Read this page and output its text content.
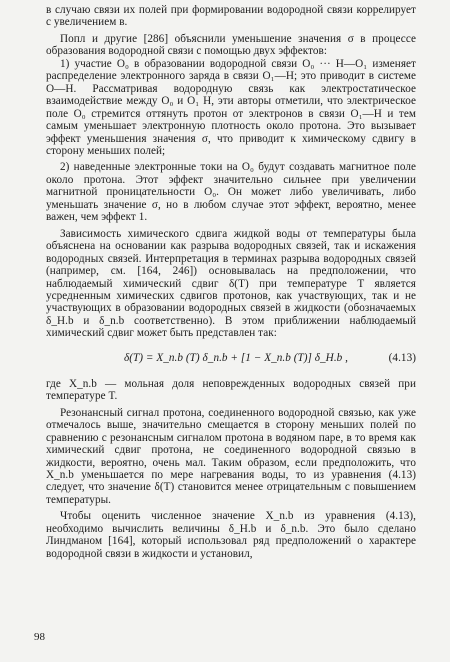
в случаю связи их полей при формировании водородной связи коррелирует с увеличением в.

Попл и другие [286] объяснили уменьшение значения σ в процессе образования водородной связи с помощью двух эффектов:

1) участие O₀ в образовании водородной связи O₀ ··· H—O₁ изменяет распределение электронного заряда в связи O₁—H; это приводит в системе O—H. Рассматривая водородную связь как электростатическое взаимодействие между O₀ и O₁ H, эти авторы отметили, что электрическое поле O₀ стремится оттянуть протон от электронов в связи O₁—H и тем самым уменьшает электронную плотность около протона. Это вызывает эффект уменьшения значения σ, что приводит к химическому сдвигу в сторону меньших полей;

2) наведенные электронные токи на O₀ будут создавать магнитное поле около протона. Этот эффект значительно сильнее при увеличении магнитной проницательности O₀. Он может либо увеличивать, либо уменьшать значение σ, но в любом случае этот эффект, вероятно, менее важен, чем эффект 1.

Зависимость химического сдвига жидкой воды от температуры была объяснена на основании как разрыва водородных связей, так и искажения водородных связей. Интерпретация в терминах разрыва водородных связей (например, см. [164, 246]) основывалась на предположении, что наблюдаемый химический сдвиг δ(T) при температуре T является усредненным химических сдвигов протонов, как участвующих, так и не участвующих в образовании водородных связей в жидкости (обозначаемых δ_H.b и δ_n.b соответственно). В этом приближении наблюдаемый химический сдвиг может быть представлен так:

δ(T) = X_n.b (T) δ_n.b + [1 − X_n.b (T)] δ_H.b ,	(4.13)

где X_n.b — мольная доля неповрежденных водородных связей при температуре T.

Резонансный сигнал протона, соединенного водородной связью, как уже отмечалось выше, значительно смещается в сторону меньших полей по сравнению с резонансным сигналом протона в водяном паре, в то время как химический сдвиг протона, не соединенного водородной связью в жидкости, вероятно, очень мал. Таким образом, если предположить, что X_n.b уменьшается по мере нагревания воды, то из уравнения (4.13) следует, что значение δ(T) становится менее отрицательным с повышением температуры.

Чтобы оценить численное значение X_n.b из уравнения (4.13), необходимо вычислить величины δ_H.b и δ_n.b. Это было сделано Линдманом [164], который использовал ряд предположений о характере водородной связи в жидкости и установил,

98
